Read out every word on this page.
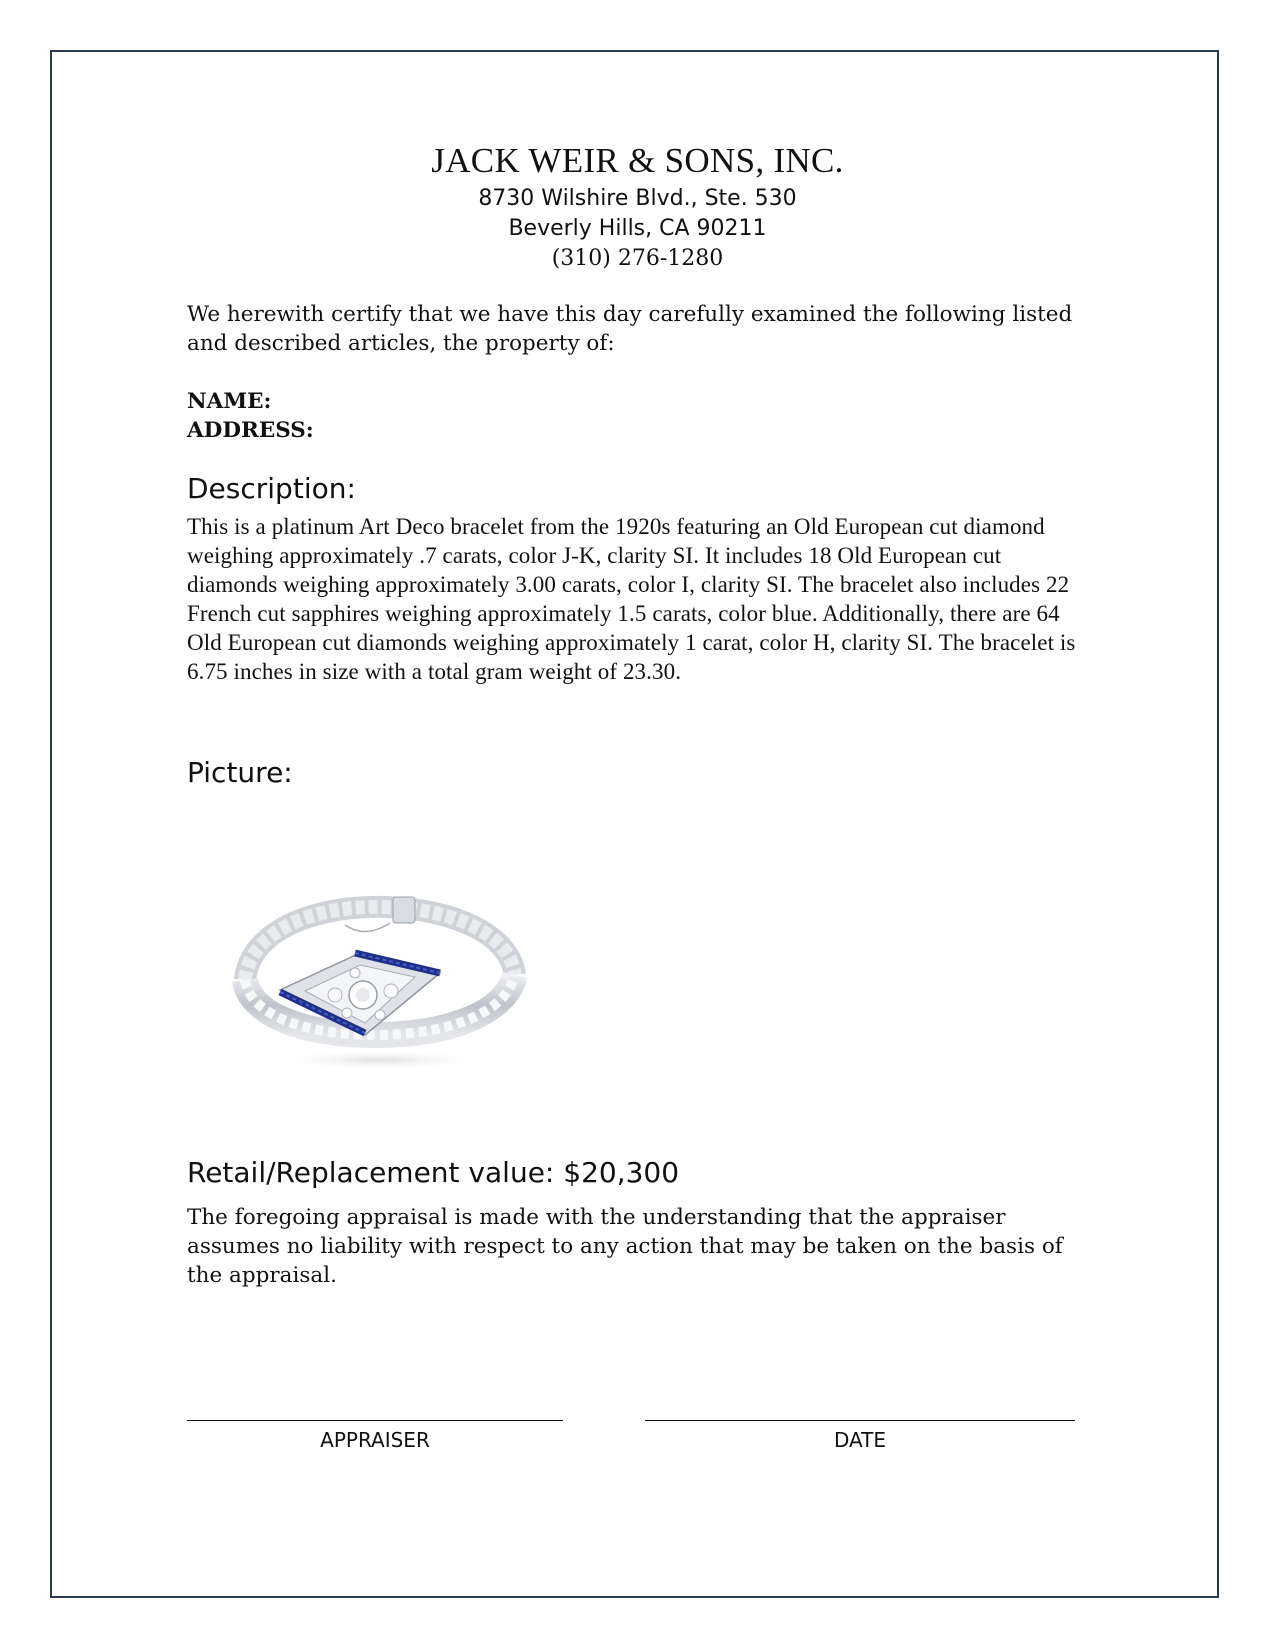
JACK WEIR & SONS, INC.
8730 Wilshire Blvd., Ste. 530
Beverly Hills, CA 90211
(310) 276-1280
We herewith certify that we have this day carefully examined the following listed and described articles, the property of:
NAME:
ADDRESS:
Description:
This is a platinum Art Deco bracelet from the 1920s featuring an Old European cut diamond weighing approximately .7 carats, color J-K, clarity SI. It includes 18 Old European cut diamonds weighing approximately 3.00 carats, color I, clarity SI. The bracelet also includes 22 French cut sapphires weighing approximately 1.5 carats, color blue. Additionally, there are 64 Old European cut diamonds weighing approximately 1 carat, color H, clarity SI. The bracelet is 6.75 inches in size with a total gram weight of 23.30.
Picture:
Retail/Replacement value: $20,300
The foregoing appraisal is made with the understanding that the appraiser assumes no liability with respect to any action that may be taken on the basis of the appraisal.
APPRAISER	DATE
